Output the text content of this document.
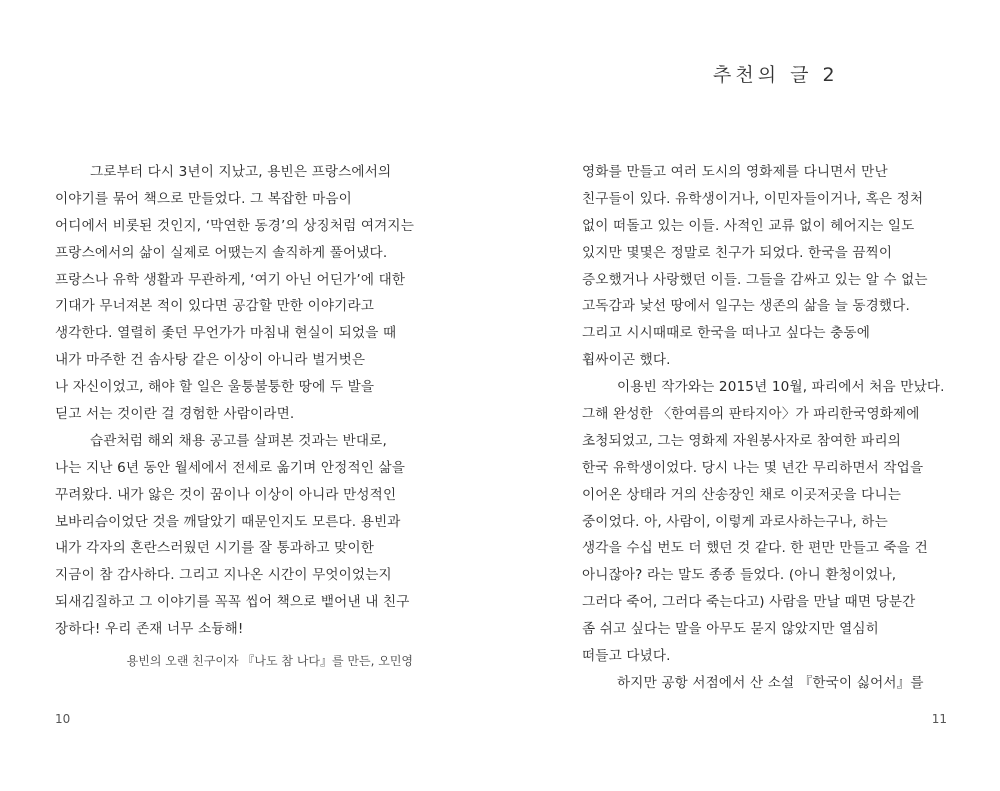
그로부터 다시 3년이 지났고, 용빈은 프랑스에서의
이야기를 묶어 책으로 만들었다. 그 복잡한 마음이
어디에서 비롯된 것인지, ‘막연한 동경’의 상징처럼 여겨지는
프랑스에서의 삶이 실제로 어땠는지 솔직하게 풀어냈다.
프랑스나 유학 생활과 무관하게, ‘여기 아닌 어딘가’에 대한
기대가 무너져본 적이 있다면 공감할 만한 이야기라고
생각한다. 열렬히 좇던 무언가가 마침내 현실이 되었을 때
내가 마주한 건 솜사탕 같은 이상이 아니라 벌거벗은
나 자신이었고, 해야 할 일은 울퉁불퉁한 땅에 두 발을
딛고 서는 것이란 걸 경험한 사람이라면.
습관처럼 해외 채용 공고를 살펴본 것과는 반대로,
나는 지난 6년 동안 월세에서 전세로 옮기며 안정적인 삶을
꾸려왔다. 내가 앓은 것이 꿈이나 이상이 아니라 만성적인
보바리슴이었단 것을 깨달았기 때문인지도 모른다. 용빈과
내가 각자의 혼란스러웠던 시기를 잘 통과하고 맞이한
지금이 참 감사하다. 그리고 지나온 시간이 무엇이었는지
되새김질하고 그 이야기를 꼭꼭 씹어 책으로 뱉어낸 내 친구
장하다! 우리 존재 너무 소듕해!
용빈의 오랜 친구이자 『나도 참 나다』를 만든, 오민영
10
추천의 글 2
영화를 만들고 여러 도시의 영화제를 다니면서 만난
친구들이 있다. 유학생이거나, 이민자들이거나, 혹은 정처
없이 떠돌고 있는 이들. 사적인 교류 없이 헤어지는 일도
있지만 몇몇은 정말로 친구가 되었다. 한국을 끔찍이
증오했거나 사랑했던 이들. 그들을 감싸고 있는 알 수 없는
고독감과 낯선 땅에서 일구는 생존의 삶을 늘 동경했다.
그리고 시시때때로 한국을 떠나고 싶다는 충동에
휩싸이곤 했다.
이용빈 작가와는 2015년 10월, 파리에서 처음 만났다.
그해 완성한 〈한여름의 판타지아〉가 파리한국영화제에
초청되었고, 그는 영화제 자원봉사자로 참여한 파리의
한국 유학생이었다. 당시 나는 몇 년간 무리하면서 작업을
이어온 상태라 거의 산송장인 채로 이곳저곳을 다니는
중이었다. 아, 사람이, 이렇게 과로사하는구나, 하는
생각을 수십 번도 더 했던 것 같다. 한 편만 만들고 죽을 건
아니잖아? 라는 말도 종종 들었다. (아니 환청이었나,
그러다 죽어, 그러다 죽는다고) 사람을 만날 때면 당분간
좀 쉬고 싶다는 말을 아무도 묻지 않았지만 열심히
떠들고 다녔다.
하지만 공항 서점에서 산 소설 『한국이 싫어서』를
11
